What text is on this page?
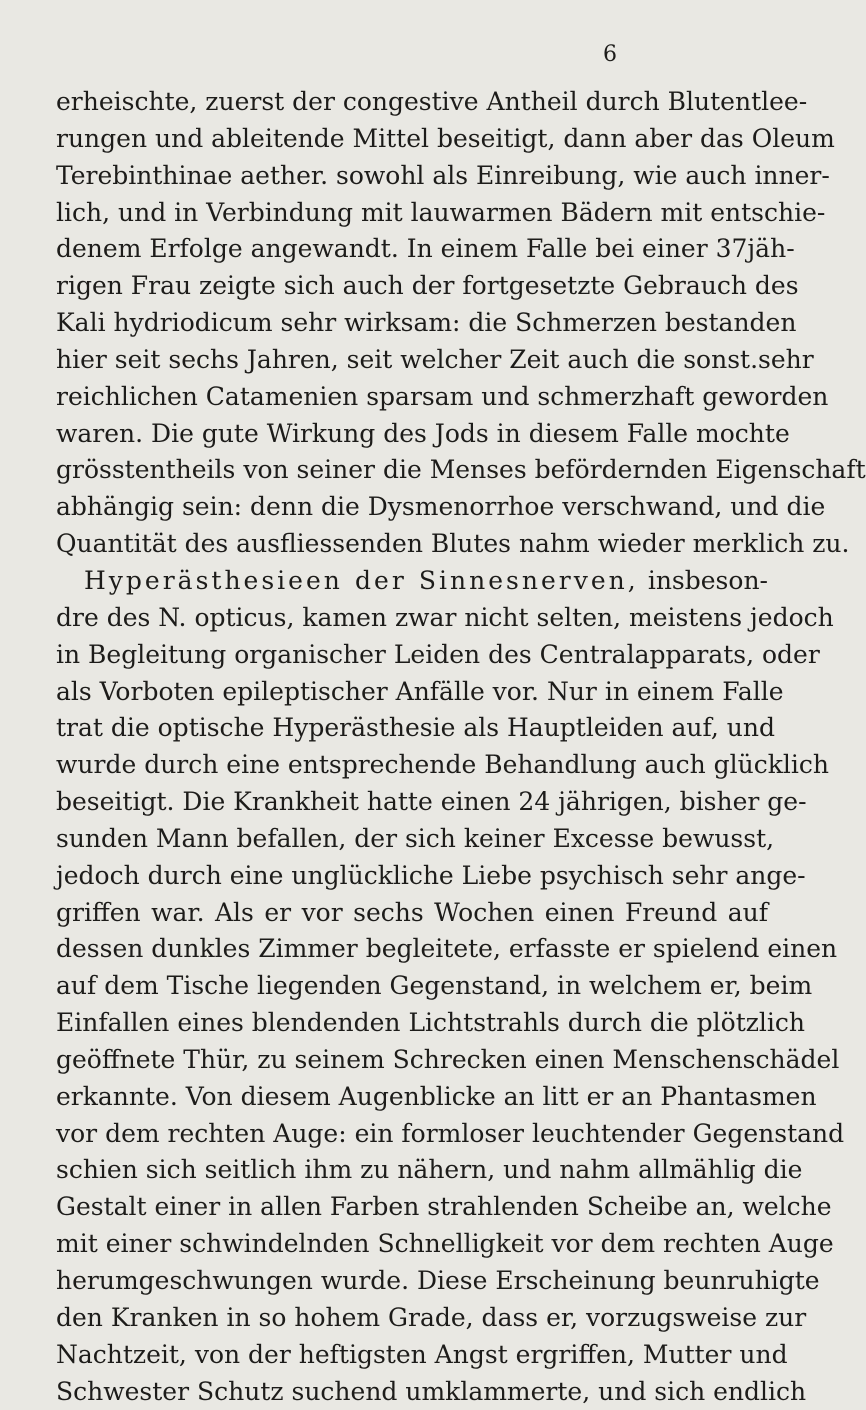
6
erheischte, zuerst der congestive Antheil durch Blutentlee-
rungen und ableitende Mittel beseitigt, dann aber das Oleum
Terebinthinae aether. sowohl als Einreibung, wie auch inner-
lich, und in Verbindung mit lauwarmen Bädern mit entschie-
denem Erfolge angewandt. In einem Falle bei einer 37jäh-
rigen Frau zeigte sich auch der fortgesetzte Gebrauch des
Kali hydriodicum sehr wirksam: die Schmerzen bestanden
hier seit sechs Jahren, seit welcher Zeit auch die sonst.sehr
reichlichen Catamenien sparsam und schmerzhaft geworden
waren. Die gute Wirkung des Jods in diesem Falle mochte
grösstentheils von seiner die Menses befördernden Eigenschaft
abhängig sein: denn die Dysmenorrhoe verschwand, und die
Quantität des ausfliessenden Blutes nahm wieder merklich zu.
Hyperästhesieen der Sinnesnerven, insbeson-
dre des N. opticus, kamen zwar nicht selten, meistens jedoch
in Begleitung organischer Leiden des Centralapparats, oder
als Vorboten epileptischer Anfälle vor. Nur in einem Falle
trat die optische Hyperästhesie als Hauptleiden auf, und
wurde durch eine entsprechende Behandlung auch glücklich
beseitigt. Die Krankheit hatte einen 24 jährigen, bisher ge-
sunden Mann befallen, der sich keiner Excesse bewusst,
jedoch durch eine unglückliche Liebe psychisch sehr ange-
griffen war. Als er vor sechs Wochen einen Freund auf
dessen dunkles Zimmer begleitete, erfasste er spielend einen
auf dem Tische liegenden Gegenstand, in welchem er, beim
Einfallen eines blendenden Lichtstrahls durch die plötzlich
geöffnete Thür, zu seinem Schrecken einen Menschenschädel
erkannte. Von diesem Augenblicke an litt er an Phantasmen
vor dem rechten Auge: ein formloser leuchtender Gegenstand
schien sich seitlich ihm zu nähern, und nahm allmählig die
Gestalt einer in allen Farben strahlenden Scheibe an, welche
mit einer schwindelnden Schnelligkeit vor dem rechten Auge
herumgeschwungen wurde. Diese Erscheinung beunruhigte
den Kranken in so hohem Grade, dass er, vorzugsweise zur
Nachtzeit, von der heftigsten Angst ergriffen, Mutter und
Schwester Schutz suchend umklammerte, und sich endlich
